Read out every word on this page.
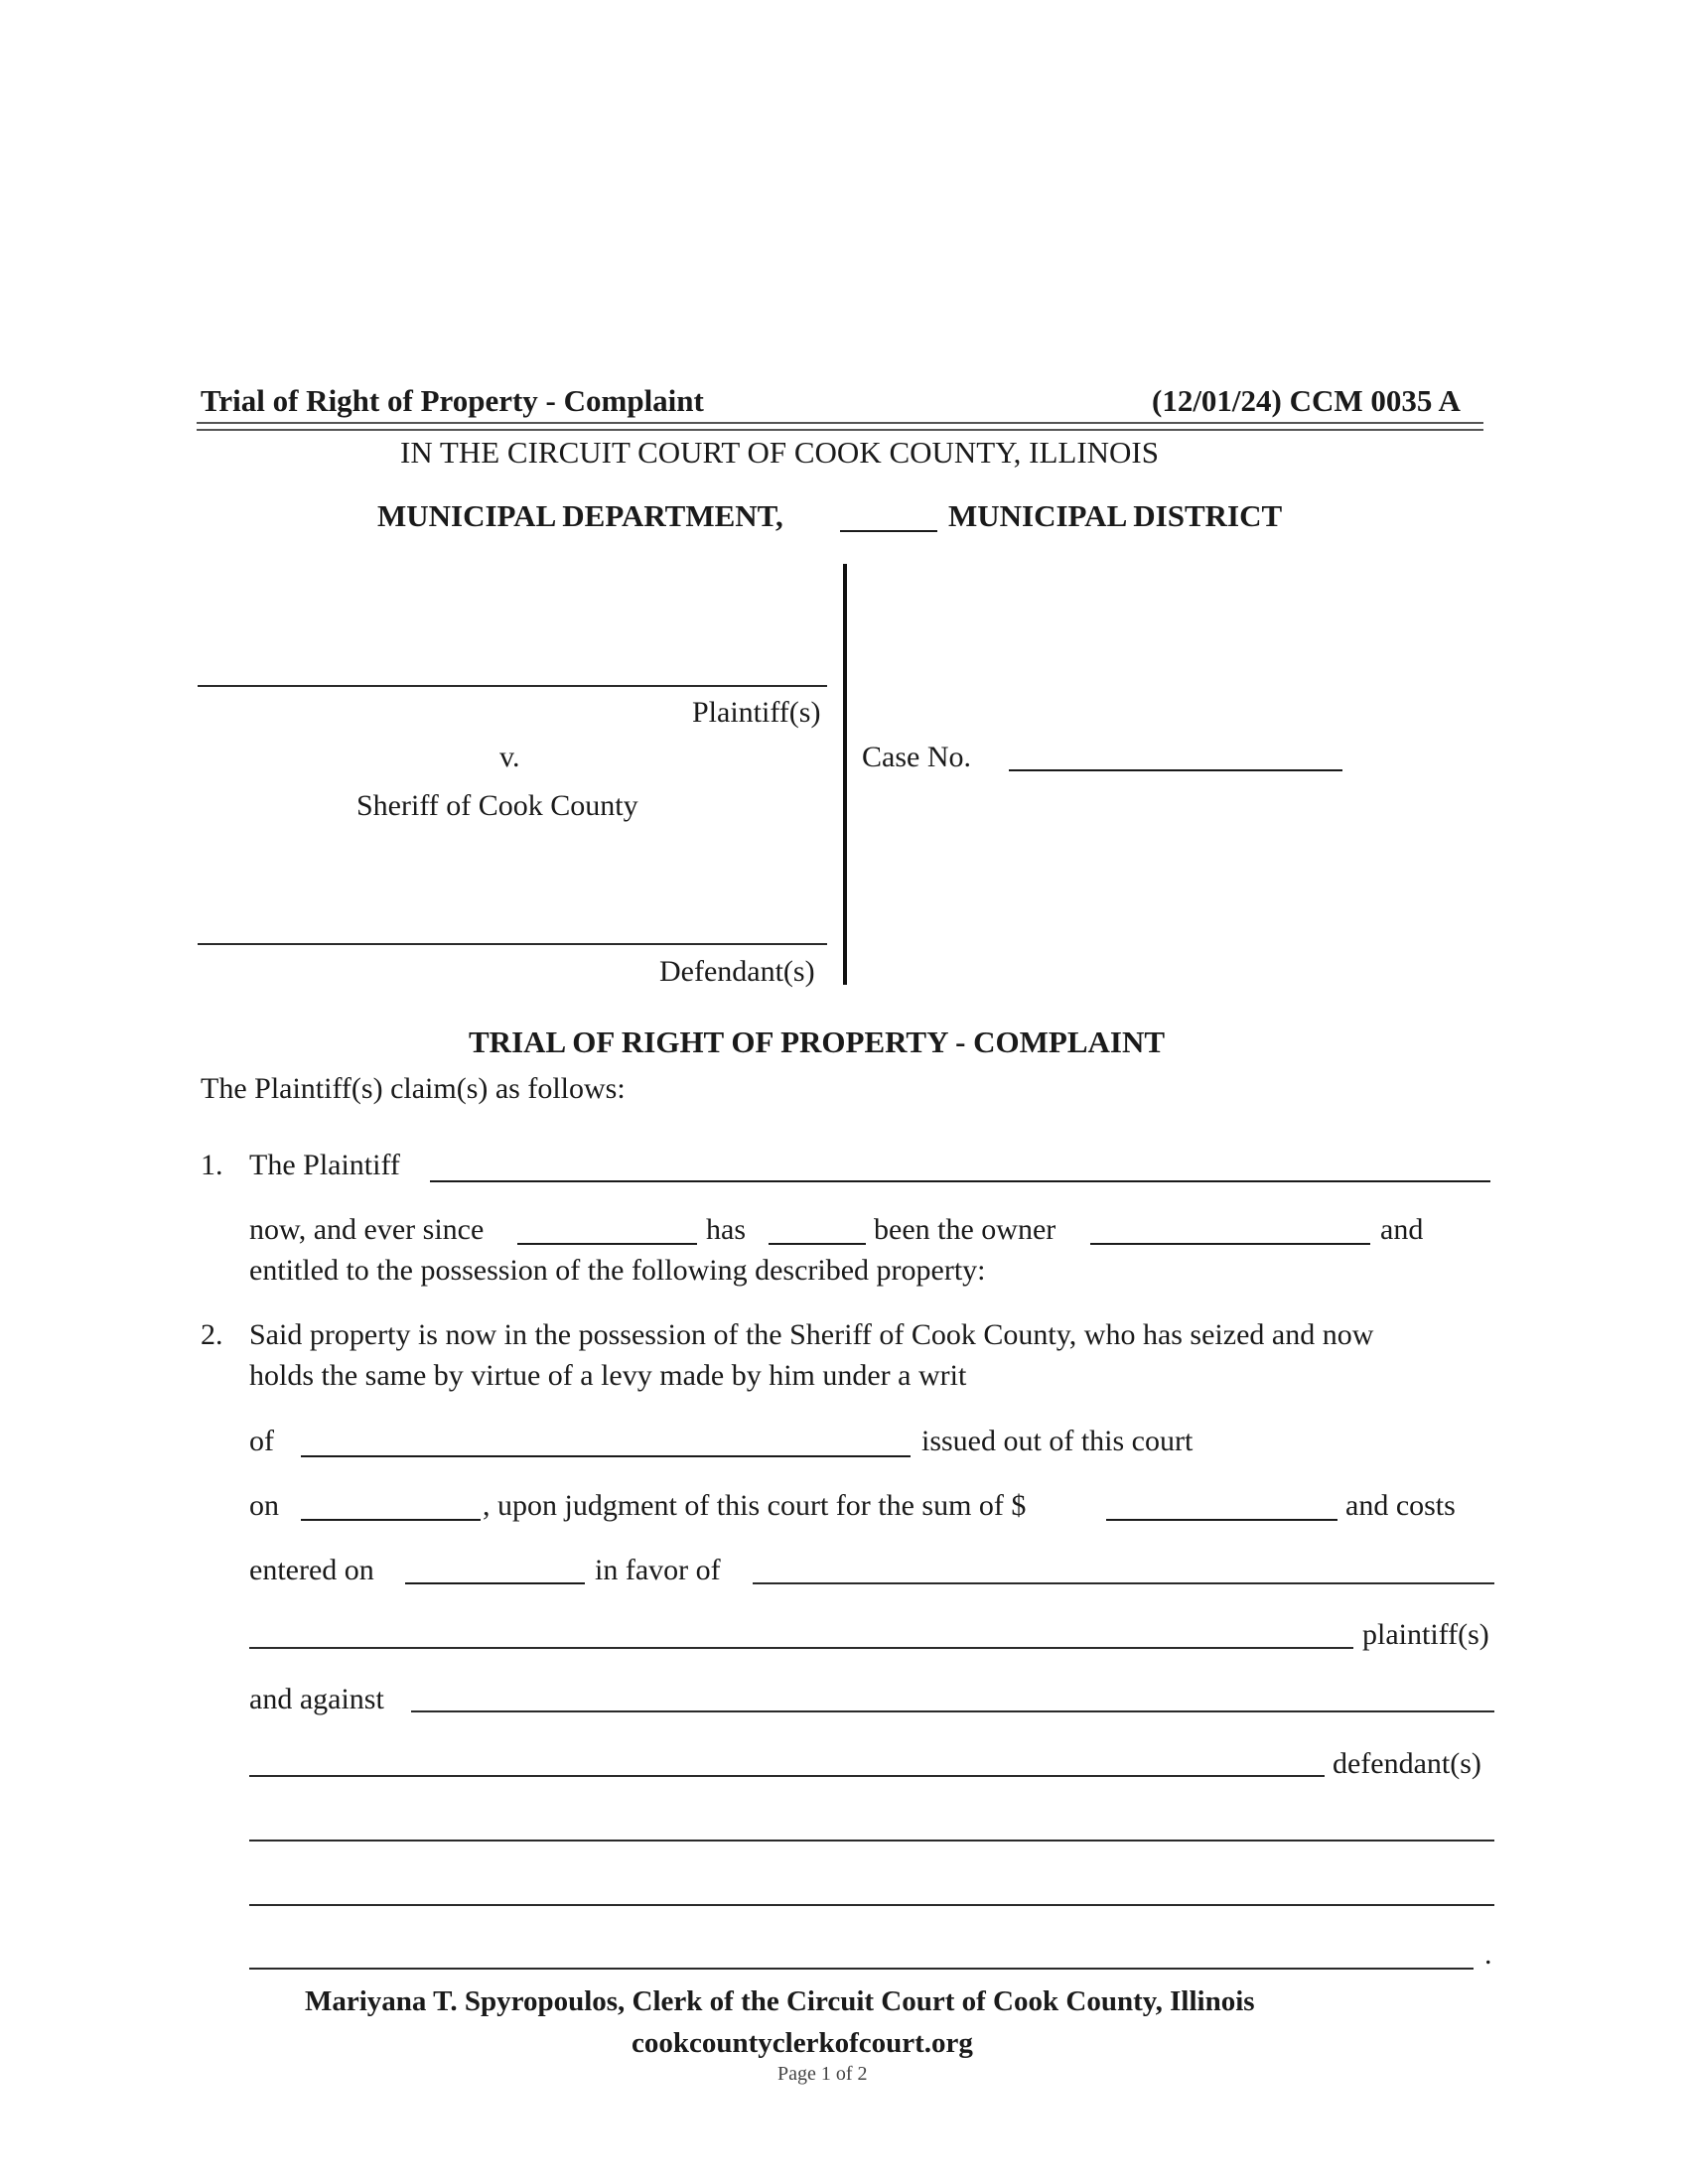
Trial of Right of Property - Complaint	(12/01/24) CCM 0035 A
IN THE CIRCUIT COURT OF COOK COUNTY, ILLINOIS
MUNICIPAL DEPARTMENT,	MUNICIPAL DISTRICT
Plaintiff(s)
v.
Sheriff of Cook County
Defendant(s)
Case No.
TRIAL OF RIGHT OF PROPERTY - COMPLAINT
The Plaintiff(s) claim(s) as follows:
1. The Plaintiff
now, and ever since	has	been the owner	and
entitled to the possession of the following described property:
2. Said property is now in the possession of the Sheriff of Cook County, who has seized and now
holds the same by virtue of a levy made by him under a writ
of	issued out of this court
on	, upon judgment of this court for the sum of $	and costs
entered on	in favor of
plaintiff(s)
and against
defendant(s)
.
Mariyana T. Spyropoulos, Clerk of the Circuit Court of Cook County, Illinois
cookcountyclerkofcourt.org
Page 1 of 2
